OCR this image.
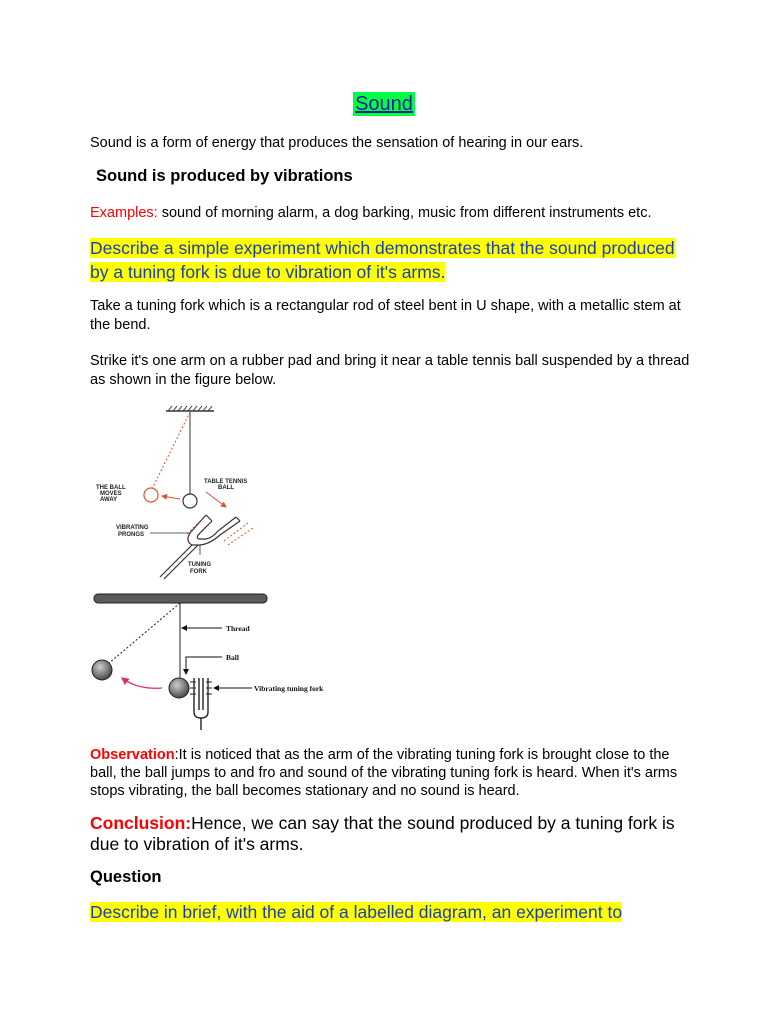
Sound
Sound is a form of energy that produces the sensation of hearing in our ears.
Sound is produced by vibrations
Examples: sound of morning alarm, a dog barking, music from different instruments etc.
Describe a simple experiment which demonstrates that the sound produced by a tuning fork is due to vibration of it's arms.
Take a tuning fork which is a rectangular rod of steel bent in U shape, with a metallic stem at the bend.
Strike it's one arm on a rubber pad and bring it near a table tennis ball suspended by a thread as shown in the figure below.
THE BALL
MOVES
AWAY
TABLE TENNIS
BALL
VIBRATING
PRONGS
TUNING
FORK
Thread
Ball
Vibrating tuning fork
Observation:It is noticed that as the arm of the vibrating tuning fork is brought close to the ball, the ball jumps to and fro and sound of the vibrating tuning fork is heard. When it's arms stops vibrating, the ball becomes stationary and no sound is heard.
Conclusion:Hence, we can say that the sound produced by a tuning fork is due to vibration of it's arms.
Question
Describe in brief, with the aid of a labelled diagram, an experiment to
